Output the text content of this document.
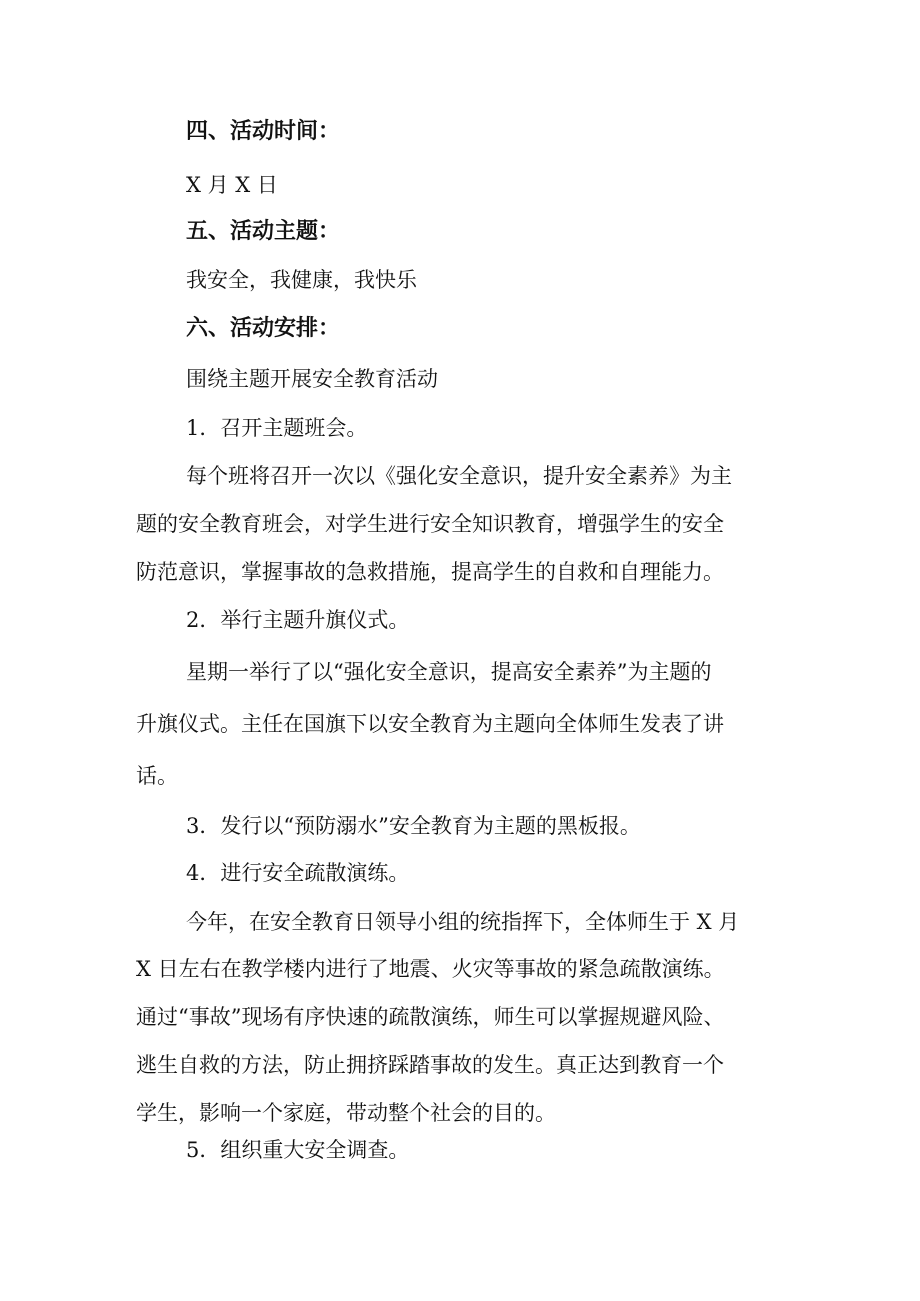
四、活动时间：
X 月 X 日
五、活动主题：
我安全，我健康，我快乐
六、活动安排：
围绕主题开展安全教育活动
1．召开主题班会。
每个班将召开一次以《强化安全意识，提升安全素养》为主
题的安全教育班会，对学生进行安全知识教育，增强学生的安全
防范意识，掌握事故的急救措施，提高学生的自救和自理能力。
2．举行主题升旗仪式。
星期一举行了以“强化安全意识，提高安全素养”为主题的
升旗仪式。主任在国旗下以安全教育为主题向全体师生发表了讲
话。
3．发行以“预防溺水”安全教育为主题的黑板报。
4．进行安全疏散演练。
今年，在安全教育日领导小组的统指挥下，全体师生于 X 月
X 日左右在教学楼内进行了地震、火灾等事故的紧急疏散演练。
通过“事故”现场有序快速的疏散演练，师生可以掌握规避风险、
逃生自救的方法，防止拥挤踩踏事故的发生。真正达到教育一个
学生，影响一个家庭，带动整个社会的目的。
5．组织重大安全调查。
